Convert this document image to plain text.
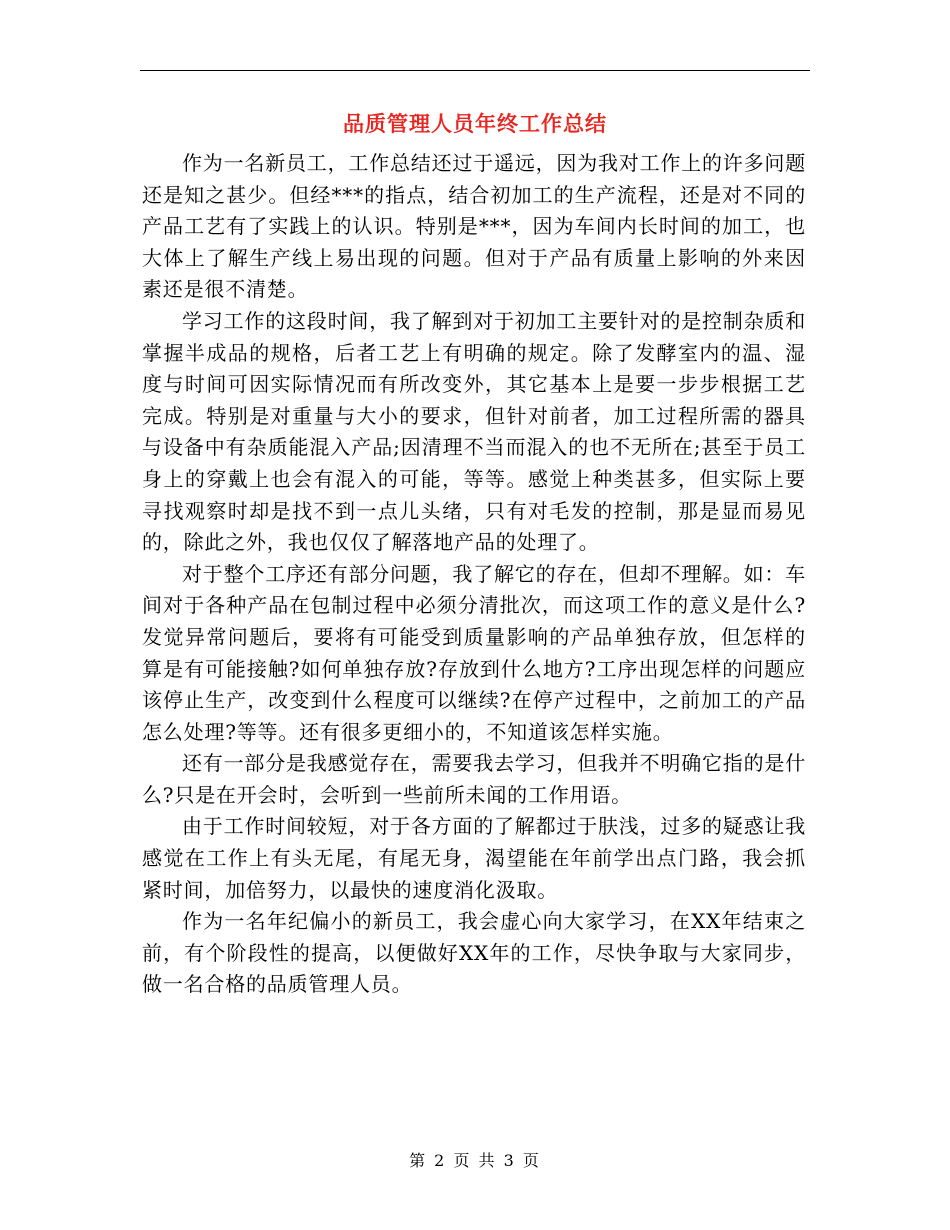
品质管理人员年终工作总结

作为一名新员工，工作总结还过于遥远，因为我对工作上的许多问题还是知之甚少。但经***的指点，结合初加工的生产流程，还是对不同的产品工艺有了实践上的认识。特别是***，因为车间内长时间的加工，也大体上了解生产线上易出现的问题。但对于产品有质量上影响的外来因素还是很不清楚。

学习工作的这段时间，我了解到对于初加工主要针对的是控制杂质和掌握半成品的规格，后者工艺上有明确的规定。除了发酵室内的温、湿度与时间可因实际情况而有所改变外，其它基本上是要一步步根据工艺完成。特别是对重量与大小的要求，但针对前者，加工过程所需的器具与设备中有杂质能混入产品;因清理不当而混入的也不无所在;甚至于员工身上的穿戴上也会有混入的可能，等等。感觉上种类甚多，但实际上要寻找观察时却是找不到一点儿头绪，只有对毛发的控制，那是显而易见的，除此之外，我也仅仅了解落地产品的处理了。

对于整个工序还有部分问题，我了解它的存在，但却不理解。如：车间对于各种产品在包制过程中必须分清批次，而这项工作的意义是什么?发觉异常问题后，要将有可能受到质量影响的产品单独存放，但怎样的算是有可能接触?如何单独存放?存放到什么地方?工序出现怎样的问题应该停止生产，改变到什么程度可以继续?在停产过程中，之前加工的产品怎么处理?等等。还有很多更细小的，不知道该怎样实施。

还有一部分是我感觉存在，需要我去学习，但我并不明确它指的是什么?只是在开会时，会听到一些前所未闻的工作用语。

由于工作时间较短，对于各方面的了解都过于肤浅，过多的疑惑让我感觉在工作上有头无尾，有尾无身，渴望能在年前学出点门路，我会抓紧时间，加倍努力，以最快的速度消化汲取。

作为一名年纪偏小的新员工，我会虚心向大家学习，在XX年结束之前，有个阶段性的提高，以便做好XX年的工作，尽快争取与大家同步，做一名合格的品质管理人员。

第 2 页 共 3 页
